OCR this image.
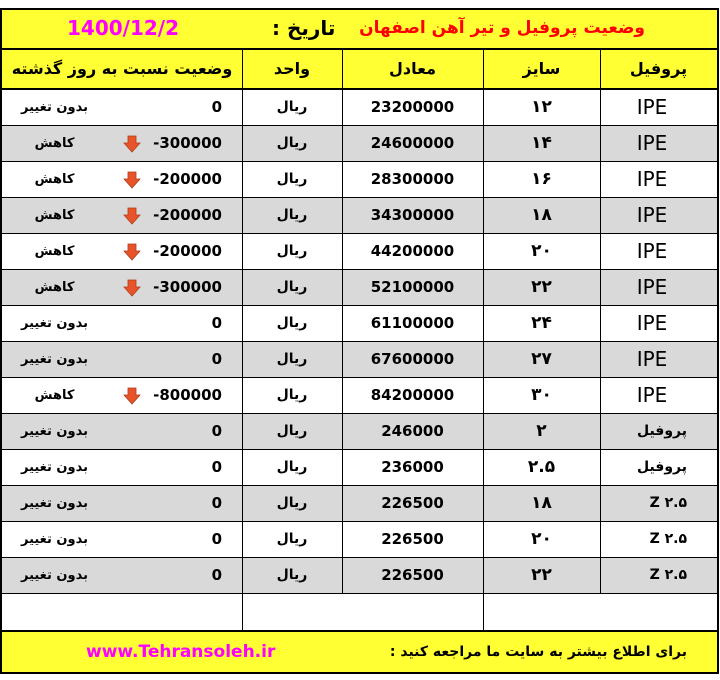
وضعیت پروفیل و تیر آهن اصفهان
تاریخ :
1400/12/2
پروفیل
سایز
معادل
واحد
وضعیت نسبت به روز گذشته
IPE
۱۲
23200000
ریال
0
بدون تغییر
IPE
۱۴
24600000
ریال
-300000
کاهش
IPE
۱۶
28300000
ریال
-200000
کاهش
IPE
۱۸
34300000
ریال
-200000
کاهش
IPE
۲۰
44200000
ریال
-200000
کاهش
IPE
۲۲
52100000
ریال
-300000
کاهش
IPE
۲۴
61100000
ریال
0
بدون تغییر
IPE
۲۷
67600000
ریال
0
بدون تغییر
IPE
۳۰
84200000
ریال
-800000
کاهش
پروفیل
۲
246000
ریال
0
بدون تغییر
پروفیل
۲.۵
236000
ریال
0
بدون تغییر
Z ۲.۵
۱۸
226500
ریال
0
بدون تغییر
Z ۲.۵
۲۰
226500
ریال
0
بدون تغییر
Z ۲.۵
۲۲
226500
ریال
0
بدون تغییر
www.Tehransoleh.ir	برای اطلاع بیشتر به سایت ما مراجعه کنید :
